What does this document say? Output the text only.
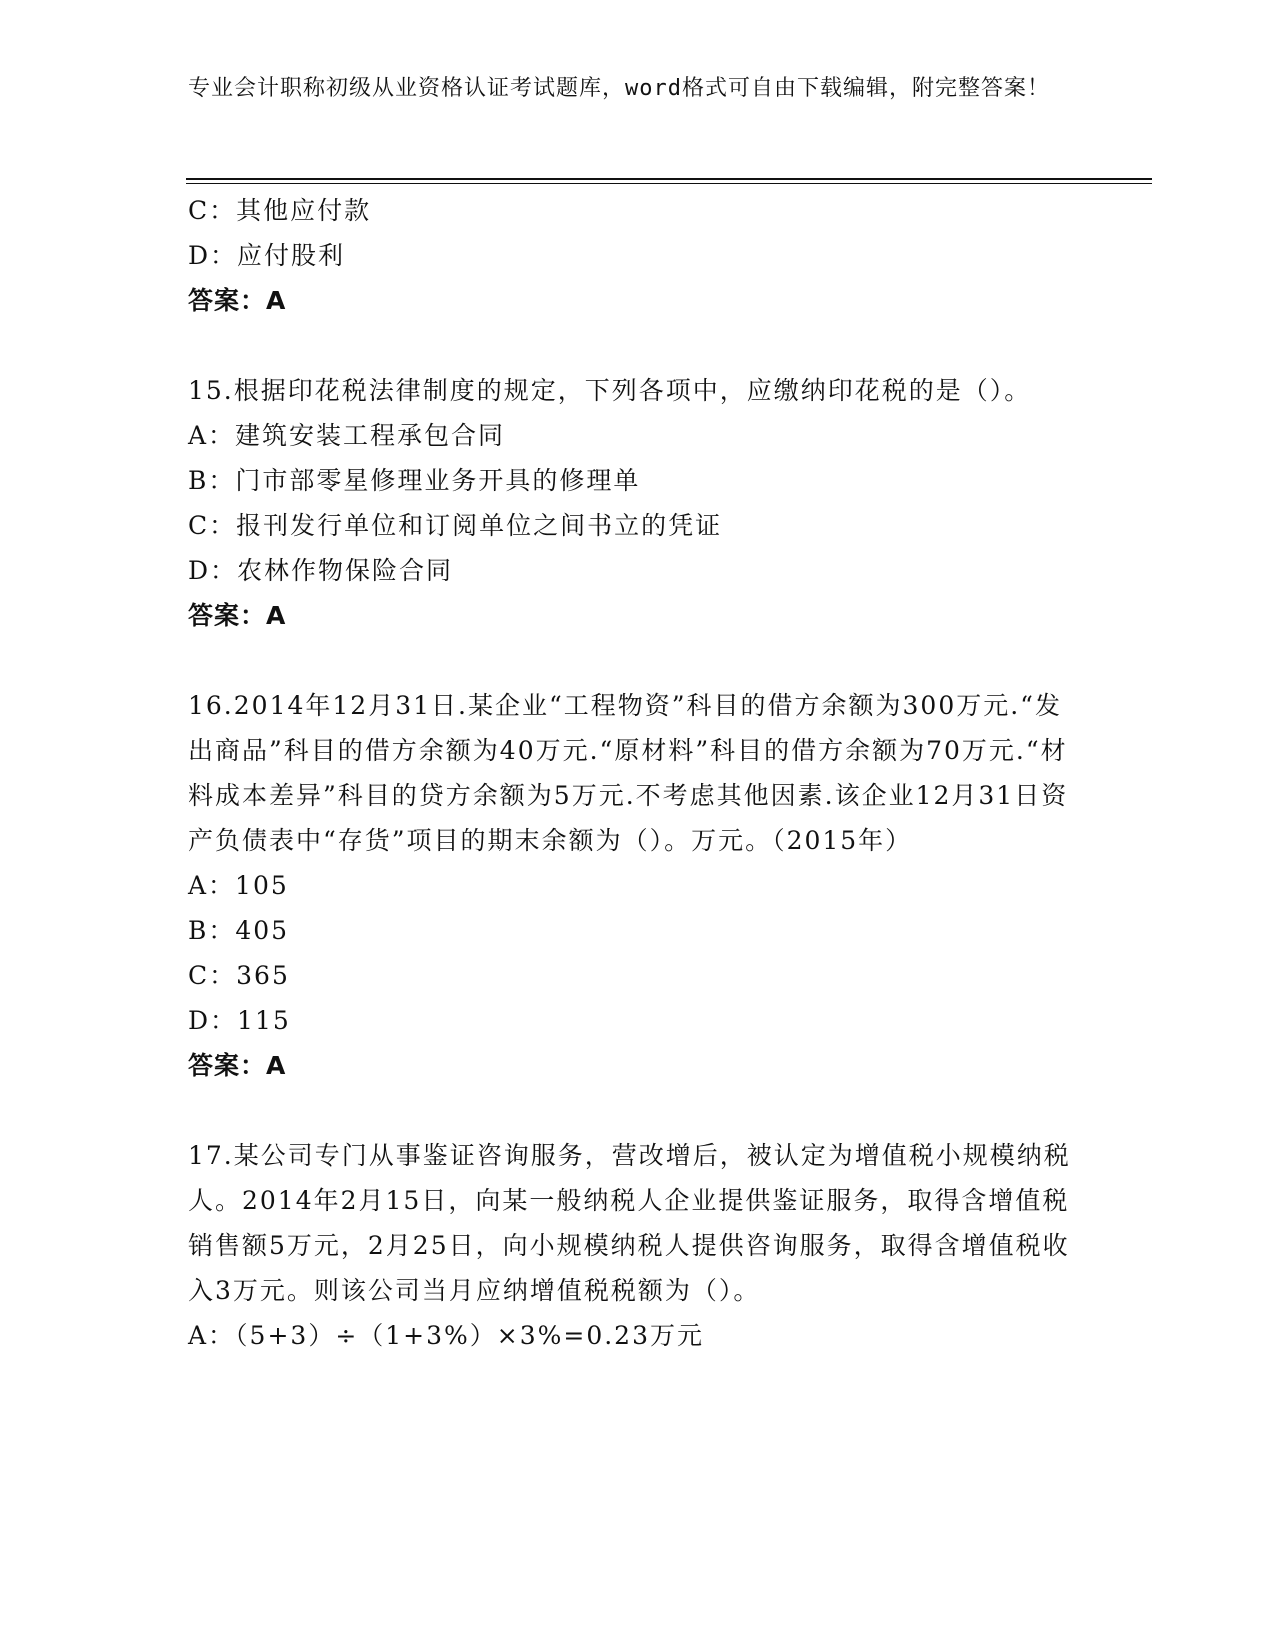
专业会计职称初级从业资格认证考试题库，word格式可自由下载编辑，附完整答案！
C：其他应付款
D：应付股利
答案：A
15.根据印花税法律制度的规定，下列各项中，应缴纳印花税的是（）。
A：建筑安装工程承包合同
B：门市部零星修理业务开具的修理单
C：报刊发行单位和订阅单位之间书立的凭证
D：农林作物保险合同
答案：A
16.2014年12月31日.某企业“工程物资”科目的借方余额为300万元.“发出商品”科目的借方余额为40万元.“原材料”科目的借方余额为70万元.“材料成本差异”科目的贷方余额为5万元.不考虑其他因素.该企业12月31日资产负债表中“存货”项目的期末余额为（）。万元。（2015年）
A：105
B：405
C：365
D：115
答案：A
17.某公司专门从事鉴证咨询服务，营改增后，被认定为增值税小规模纳税人。2014年2月15日，向某一般纳税人企业提供鉴证服务，取得含增值税销售额5万元，2月25日，向小规模纳税人提供咨询服务，取得含增值税收入3万元。则该公司当月应纳增值税税额为（）。
A：（5+3）÷（1+3%）×3%=0.23万元
